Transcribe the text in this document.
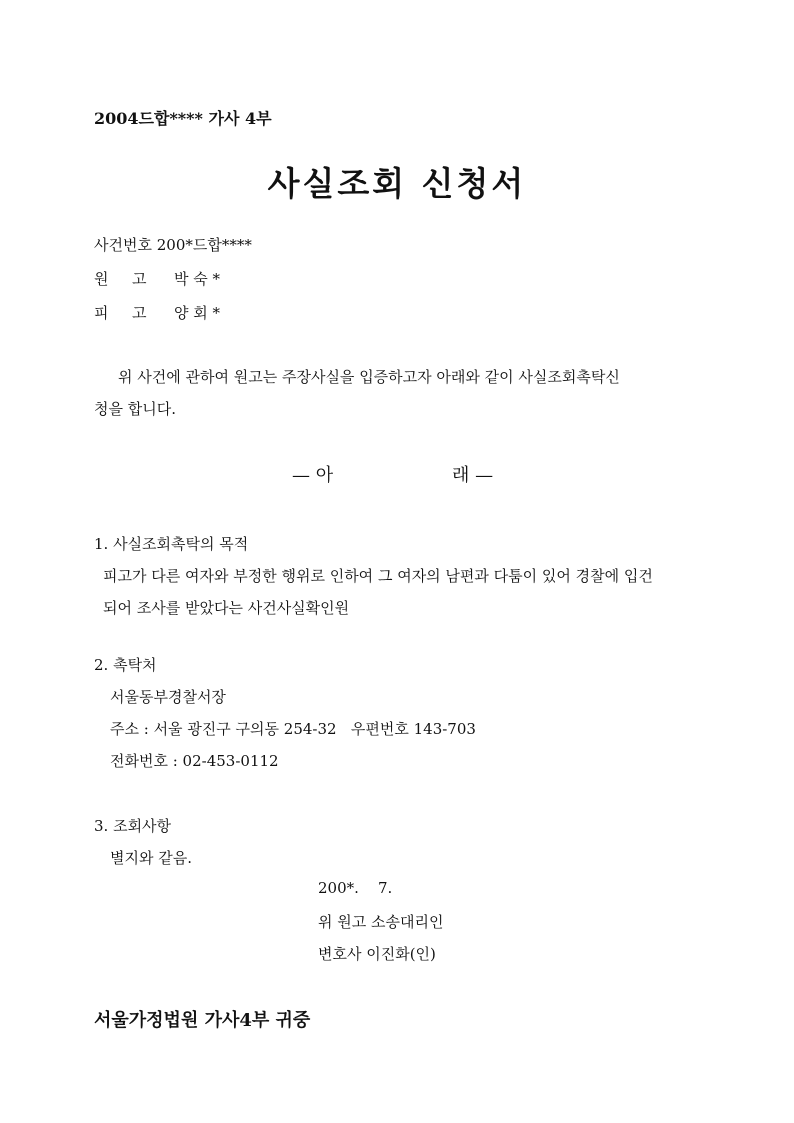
2004드합**** 가사 4부
사실조회 신청서
사건번호 200*드합****
원 고 박 숙 *
피 고 양 회 *
위 사건에 관하여 원고는 주장사실을 입증하고자 아래와 같이 사실조회촉탁신
청을 합니다.
— 아	래 —
1. 사실조회촉탁의 목적
피고가 다른 여자와 부정한 행위로 인하여 그 여자의 남편과 다툼이 있어 경찰에 입건
되어 조사를 받았다는 사건사실확인원
2. 촉탁처
서울동부경찰서장
주소 : 서울 광진구 구의동 254-32   우편번호 143-703
전화번호 : 02-453-0112
3. 조회사항
별지와 같음.
200*.    7.
위 원고 소송대리인
변호사 이진화(인)
서울가정법원 가사4부 귀중
